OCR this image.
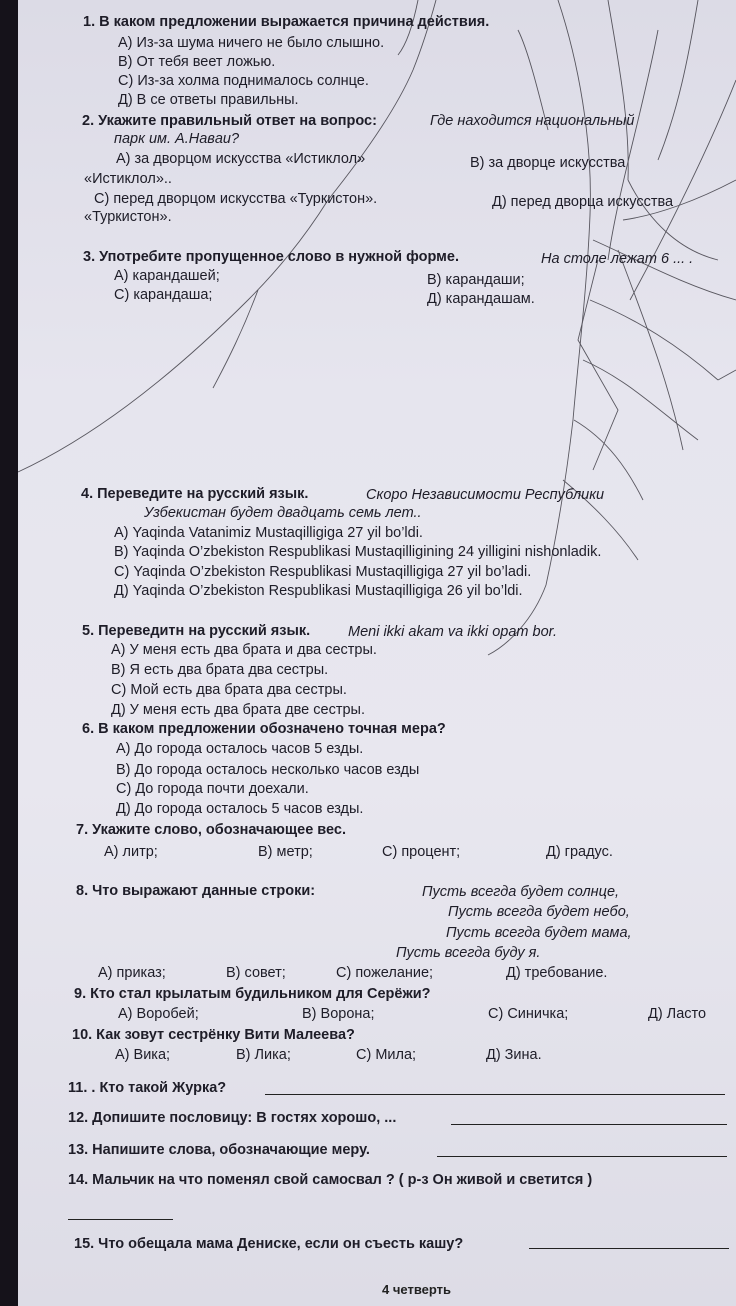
1. В каком предложении выражается причина действия.
А) Из-за шума ничего не было слышно.
В) От тебя веет ложью.
С) Из-за холма поднималось солнце.
Д) В се ответы правильны.
2. Укажите правильный ответ на вопрос:	Где находится национальный
парк им. А.Навaи?
А) за дворцом искусства «Истиклол»	В) за дворце искусства
«Истиклол»..
С) перед дворцом искусства «Туркистон».	Д) перед дворца искусства
«Туркистон».
3. Употребите пропущенное слово в нужной форме.	На столе лежат 6 ... .
А) карандашей;	В) карандаши;
С) карандаша;	Д) карандашам.
4. Переведите на русский язык.	Скоро Независимости Республики
Узбекистан будет двадцать семь лет..
А) Yaqinda Vatanimiz Mustaqilligiga 27 yil bo’ldi.
В) Yaqinda O’zbekiston Respublikasi Mustaqilligining 24 yilligini nishonladik.
С) Yaqinda O’zbekiston Respublikasi Mustaqilligiga 27 yil bo’ladi.
Д) Yaqinda O’zbekiston Respublikasi Mustaqilligiga 26 yil bo’ldi.
5. Переведитн на русский язык.	Meni ikki akam va ikki opam bor.
А) У меня есть два брата и два сестры.
В) Я есть два брата два сестры.
С) Мой есть два брата два сестры.
Д) У меня есть два брата две сестры.
6. В каком предложении обозначено точная мера?
А) До города осталось часов 5 езды.
В) До города осталось несколько часов езды
С) До города почти доехали.
Д) До города осталось 5 часов езды.
7. Укажите слово, обозначающее вес.
А) литр;	В) метр;	С) процент;	Д) градус.
8. Что выражают данные строки:	Пусть всегда будет солнце,
Пусть всегда будет небо,
Пусть всегда будет мама,
Пусть всегда буду я.
А) приказ;	В) совет;	С) пожелание;	Д) требование.
9. Кто стал крылатым будильником для Серёжи?
А) Воробей;	В) Ворона;	С) Синичка;	Д) Ласто
10. Как зовут сестрёнку Вити Малеева?
А) Вика;	В) Лика;	С) Мила;	Д) Зина.
11. . Кто такой Журка?
12. Допишите пословицу: В гостях хорошо, ...
13. Напишите слова, обозначающие меру.
14. Мальчик на что поменял свой самосвал ? ( р-з Он живой и светится )
15. Что обещала мама Дениске, если он съесть кашу?
4 четверть
